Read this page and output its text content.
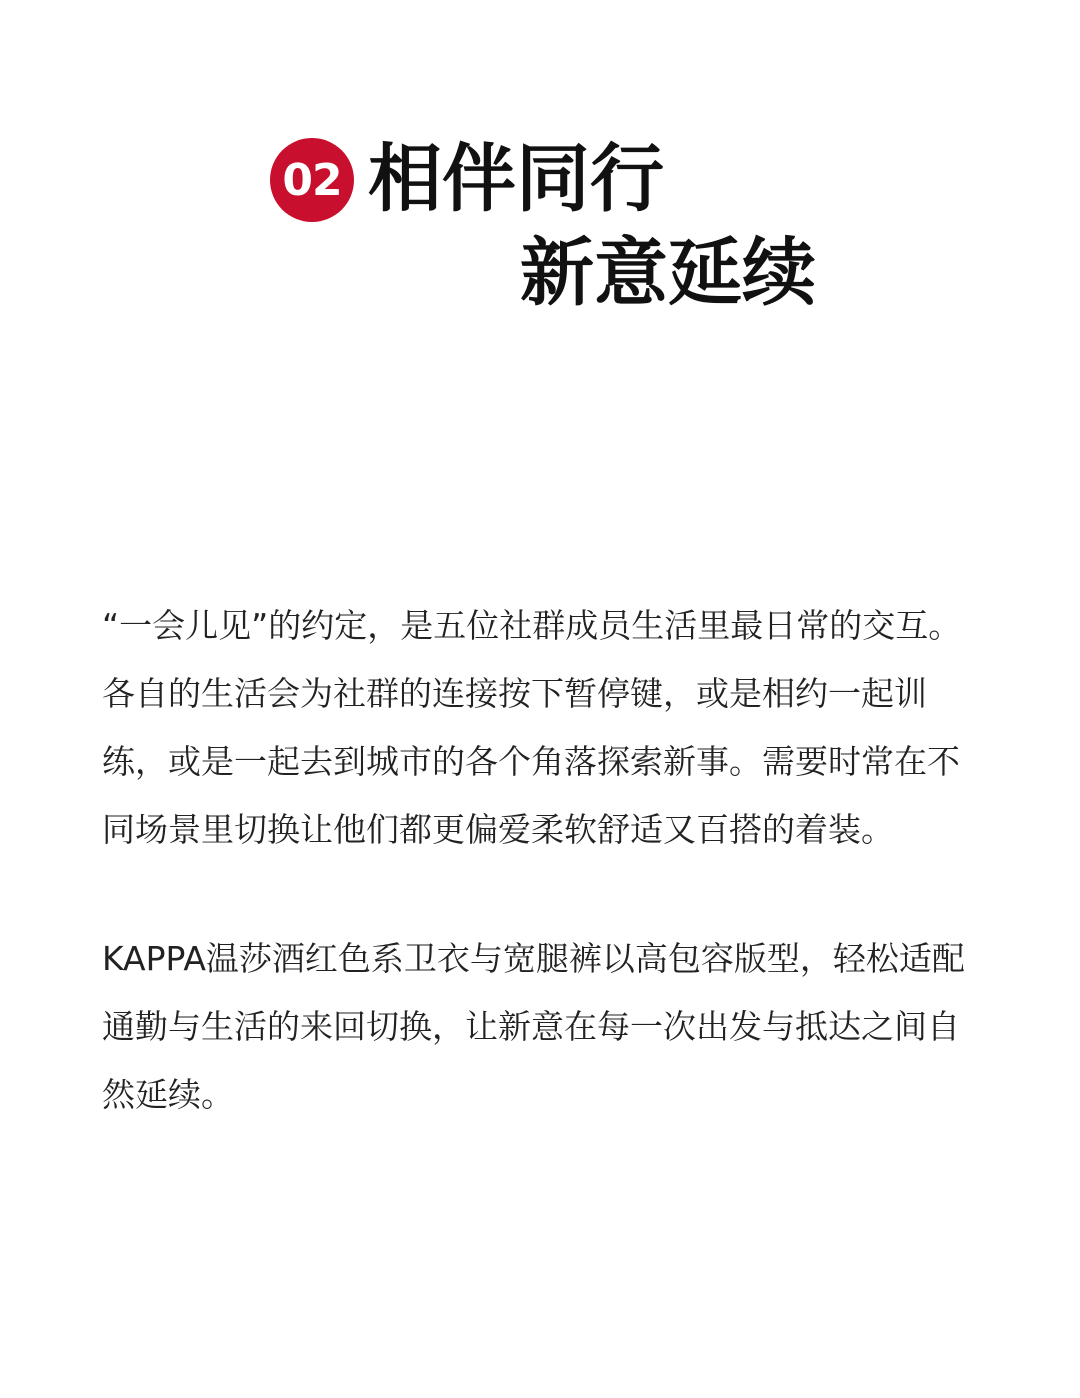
02 相伴同行
新意延续
“一会儿见”的约定，是五位社群成员生活里最日常的交互。各自的生活会为社群的连接按下暂停键，或是相约一起训练，或是一起去到城市的各个角落探索新事。需要时常在不同场景里切换让他们都更偏爱柔软舒适又百搭的着装。
KAPPA温莎酒红色系卫衣与宽腿裤以高包容版型，轻松适配通勤与生活的来回切换，让新意在每一次出发与抵达之间自然延续。
